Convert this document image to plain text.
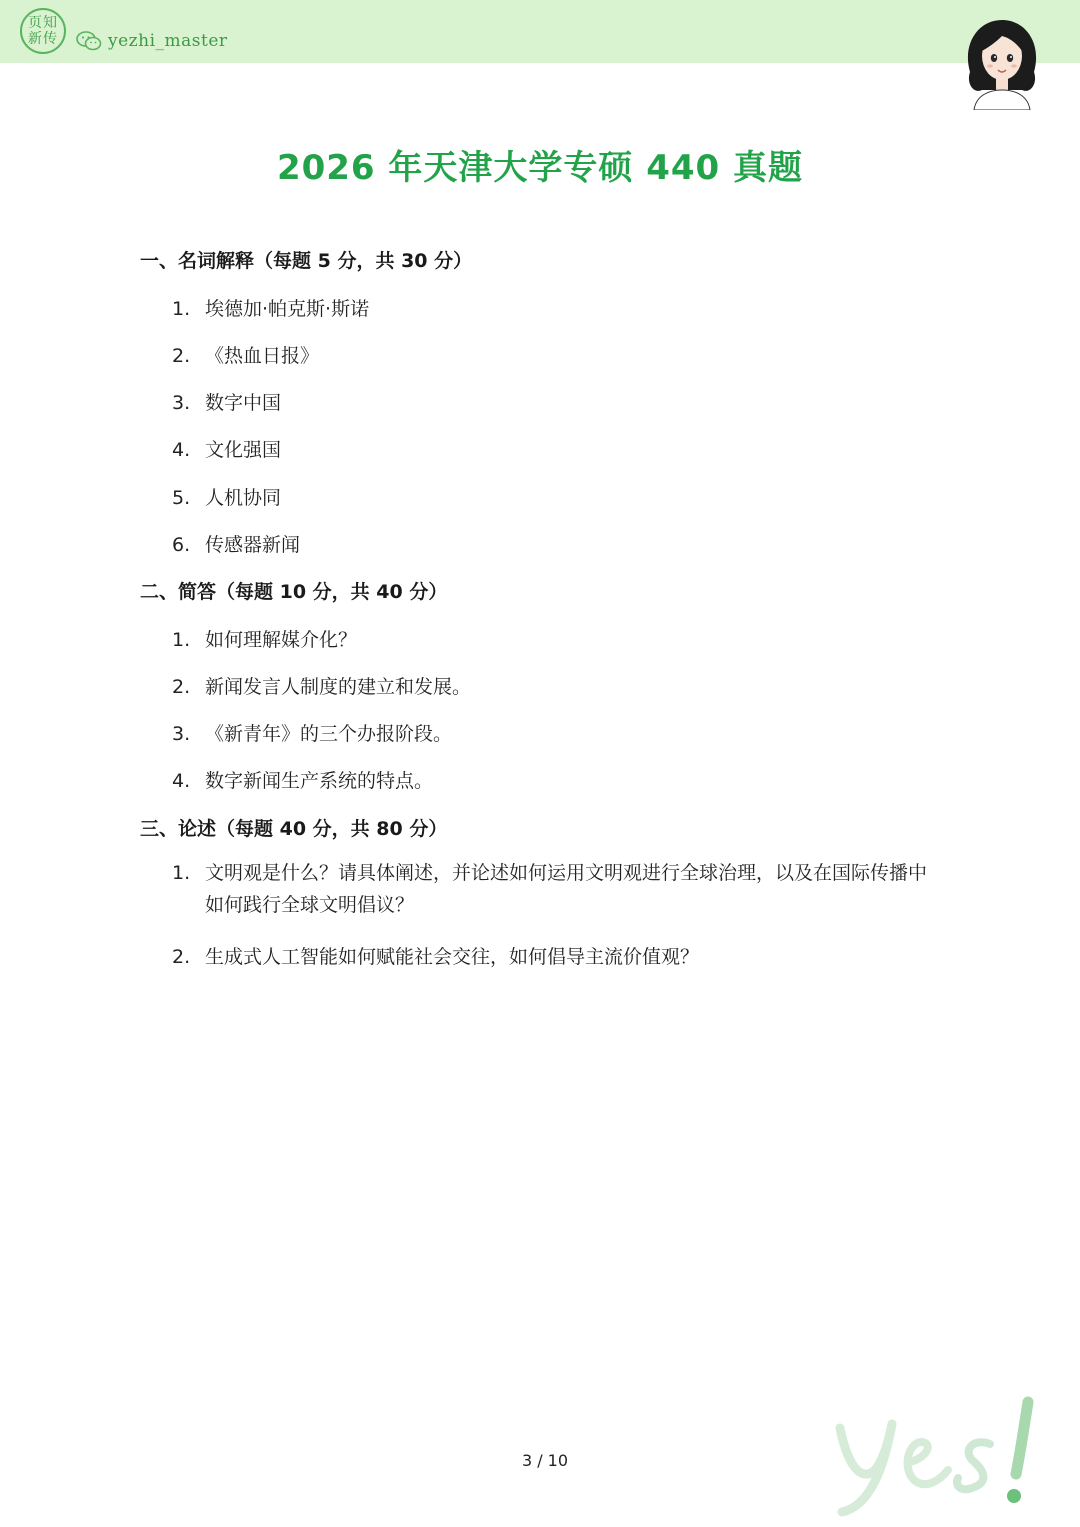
页知
新传	yezhi_master
2026 年天津大学专硕 440 真题
一、名词解释（每题 5 分，共 30 分）
1. 埃德加·帕克斯·斯诺
2. 《热血日报》
3. 数字中国
4. 文化强国
5. 人机协同
6. 传感器新闻
二、简答（每题 10 分，共 40 分）
1. 如何理解媒介化？
2. 新闻发言人制度的建立和发展。
3. 《新青年》的三个办报阶段。
4. 数字新闻生产系统的特点。
三、论述（每题 40 分，共 80 分）
1. 文明观是什么？请具体阐述，并论述如何运用文明观进行全球治理，以及在国际传播中如何践行全球文明倡议？
2. 生成式人工智能如何赋能社会交往，如何倡导主流价值观？
3 / 10
